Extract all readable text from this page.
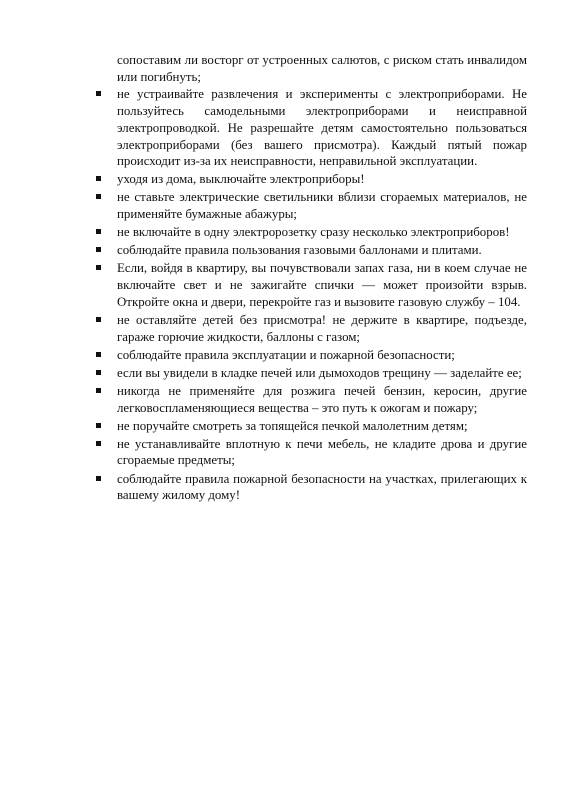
сопоставим ли восторг от устроенных салютов, с риском стать инвалидом или погибнуть;

не устраивайте развлечения и эксперименты с электроприборами. Не пользуйтесь самодельными электроприборами и неисправной электропроводкой. Не разрешайте детям самостоятельно пользоваться электроприборами (без вашего присмотра). Каждый пятый пожар происходит из-за их неисправности, неправильной эксплуатации.
уходя из дома, выключайте электроприборы!
не ставьте электрические светильники вблизи сгораемых материалов, не применяйте бумажные абажуры;
не включайте в одну электророзетку сразу несколько электроприборов!
соблюдайте правила пользования газовыми баллонами и плитами.
Если, войдя в квартиру, вы почувствовали запах газа, ни в коем случае не включайте свет и не зажигайте спички — может произойти взрыв. Откройте окна и двери, перекройте газ и вызовите газовую службу – 104.
не оставляйте детей без присмотра! не держите в квартире, подъезде, гараже горючие жидкости, баллоны с газом;
соблюдайте правила эксплуатации и пожарной безопасности;
если вы увидели в кладке печей или дымоходов трещину — заделайте ее;
никогда не применяйте для розжига печей бензин, керосин, другие легковоспламеняющиеся вещества – это путь к ожогам и пожару;
не поручайте смотреть за топящейся печкой малолетним детям;
не устанавливайте вплотную к печи мебель, не кладите дрова и другие сгораемые предметы;
соблюдайте правила пожарной безопасности на участках, прилегающих к вашему жилому дому!
